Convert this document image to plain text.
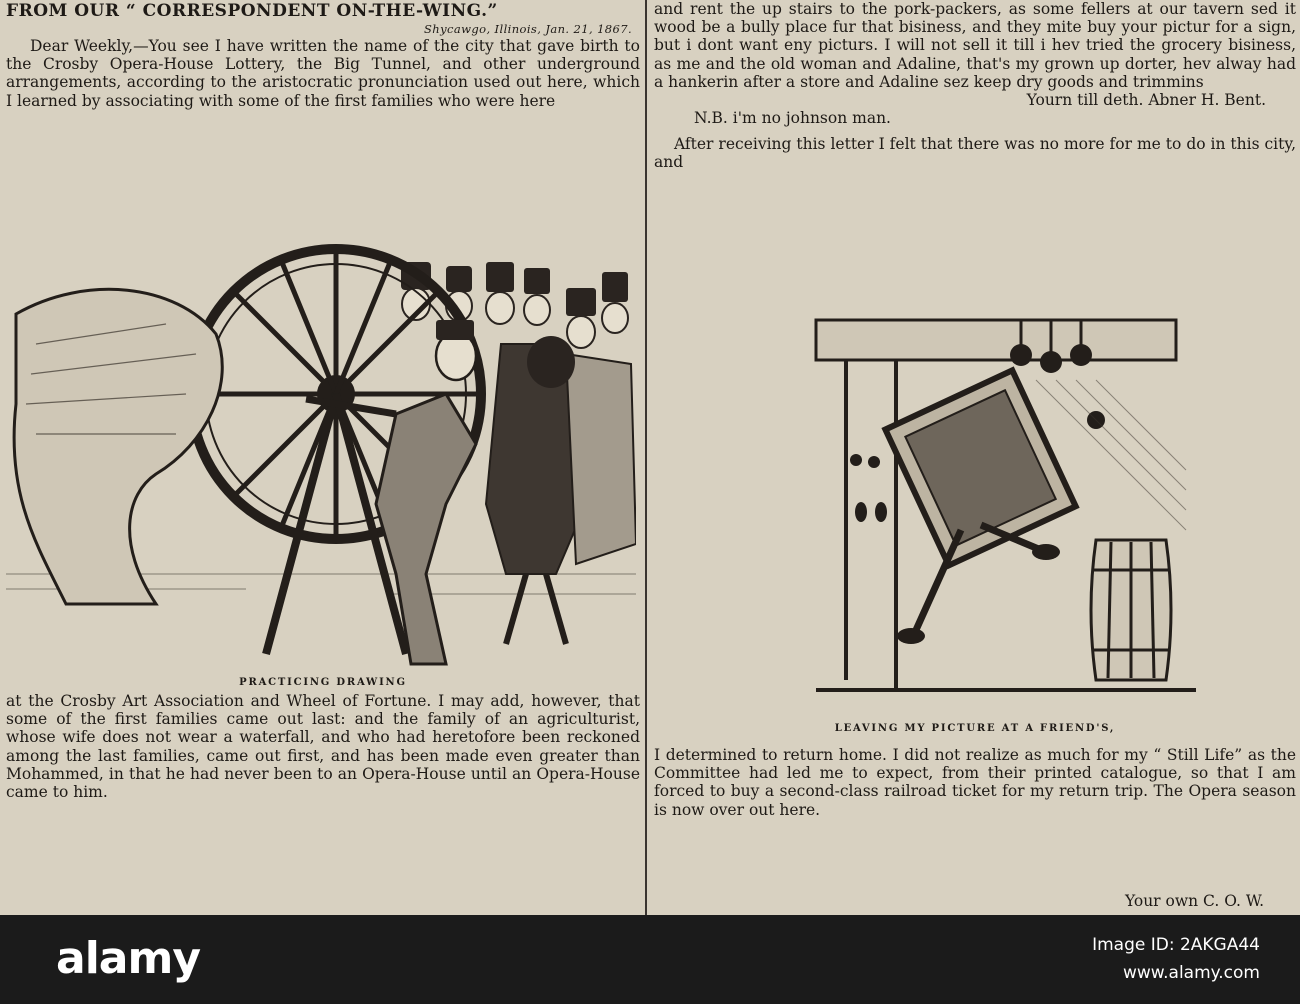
FROM OUR “ CORRESPONDENT ON-THE-WING.”

Shycawgo, Illinois, Jan. 21, 1867.

Dear Weekly,—You see I have written the name of the city that gave birth to the Crosby Opera-House Lottery, the Big Tunnel, and other underground arrangements, according to the aristocratic pronunciation used out here, which I learned by associating with some of the first families who were here

PRACTICING DRAWING

at the Crosby Art Association and Wheel of Fortune. I may add, however, that some of the first families came out last: and the family of an agriculturist, whose wife does not wear a waterfall, and who had heretofore been reckoned among the last families, came out first, and has been made even greater than Mohammed, in that he had never been to an Opera-House until an Opera-House came to him.

and rent the up stairs to the pork-packers, as some fellers at our tavern sed it wood be a bully place fur that bisiness, and they mite buy your pictur for a sign, but i dont want eny picturs. I will not sell it till i hev tried the grocery bisiness, as me and the old woman and Adaline, that's my grown up dorter, hev alway had a hankerin after a store and Adaline sez keep dry goods and trimmins

Yourn till deth. Abner H. Bent.

N.B. i'm no johnson man.

After receiving this letter I felt that there was no more for me to do in this city, and

LEAVING MY PICTURE AT A FRIEND'S,

I determined to return home. I did not realize as much for my “ Still Life” as the Committee had led me to expect, from their printed catalogue, so that I am forced to buy a second-class railroad ticket for my return trip. The Opera season is now over out here.

Your own C. O. W.

alamy	Image ID: 2AKGA44
www.alamy.com
